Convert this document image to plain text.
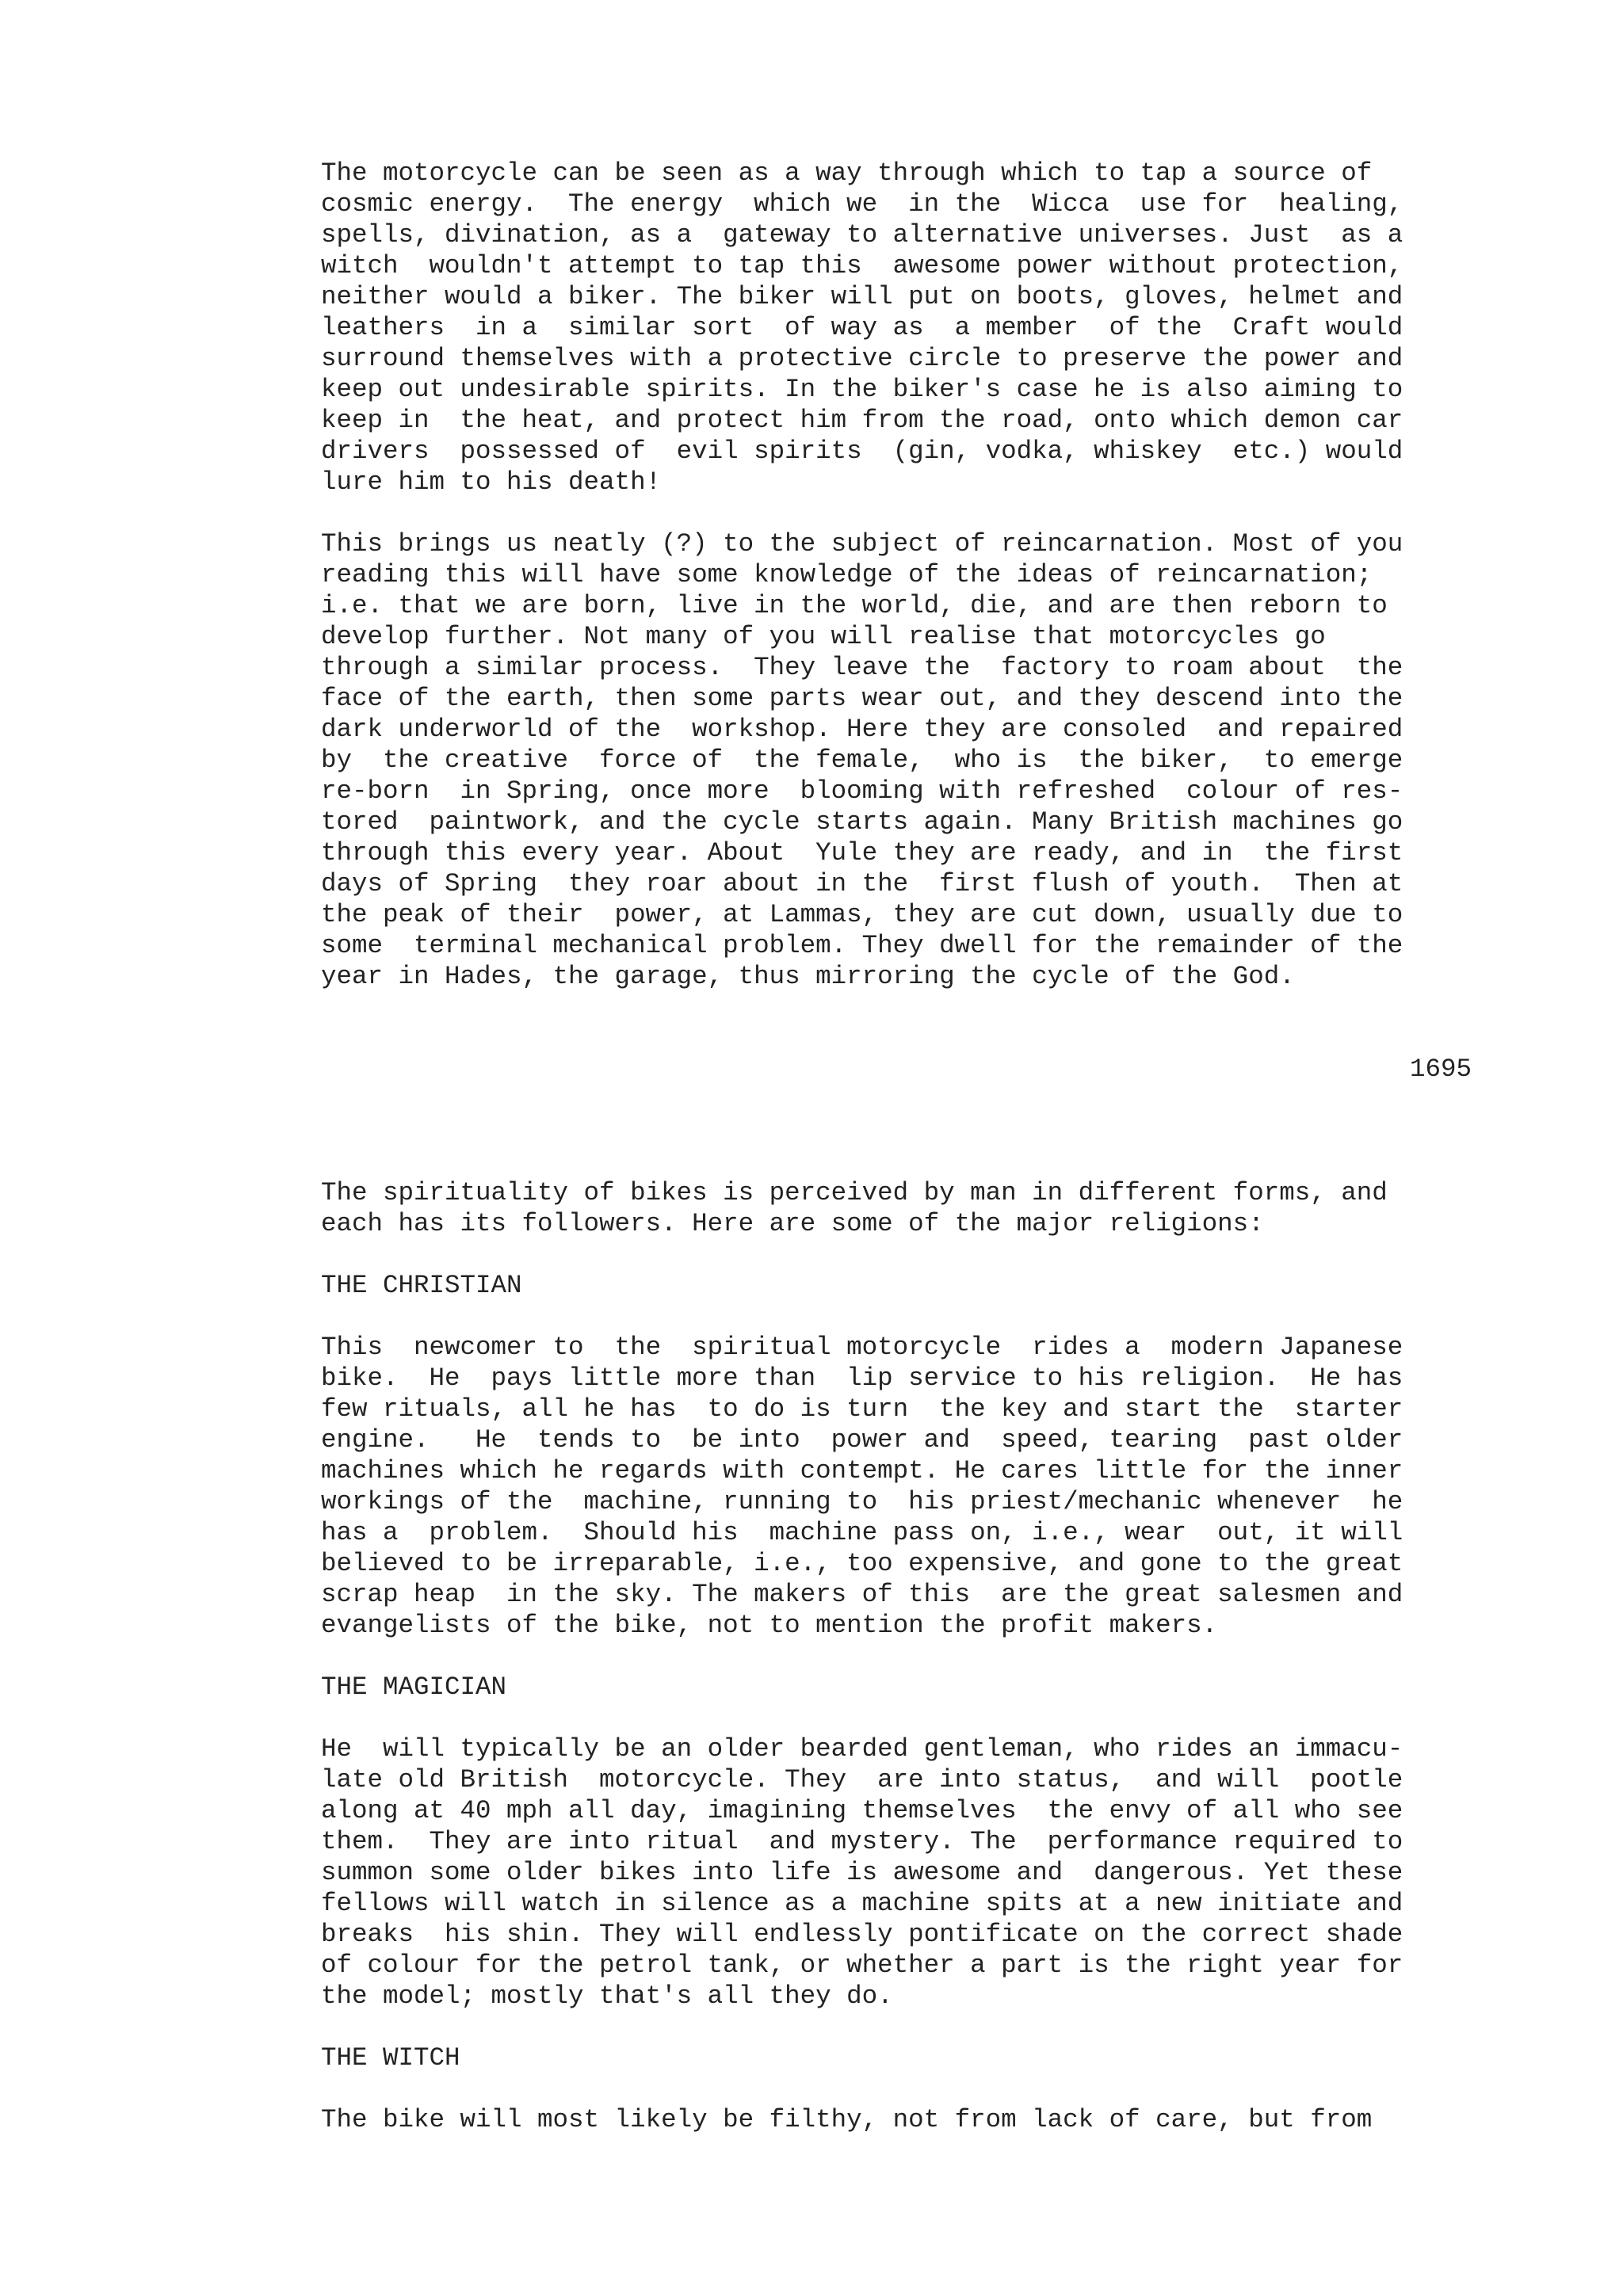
The motorcycle can be seen as a way through which to tap a source of
cosmic energy.  The energy  which we  in the  Wicca  use for  healing,
spells, divination, as a  gateway to alternative universes. Just  as a
witch  wouldn't attempt to tap this  awesome power without protection,
neither would a biker. The biker will put on boots, gloves, helmet and
leathers  in a  similar sort  of way as  a member  of the  Craft would
surround themselves with a protective circle to preserve the power and
keep out undesirable spirits. In the biker's case he is also aiming to
keep in  the heat, and protect him from the road, onto which demon car
drivers  possessed of  evil spirits  (gin, vodka, whiskey  etc.) would
lure him to his death!
This brings us neatly (?) to the subject of reincarnation. Most of you
reading this will have some knowledge of the ideas of reincarnation;
i.e. that we are born, live in the world, die, and are then reborn to
develop further. Not many of you will realise that motorcycles go
through a similar process.  They leave the  factory to roam about  the
face of the earth, then some parts wear out, and they descend into the
dark underworld of the  workshop. Here they are consoled  and repaired
by  the creative  force of  the female,  who is  the biker,  to emerge
re-born  in Spring, once more  blooming with refreshed  colour of res-
tored  paintwork, and the cycle starts again. Many British machines go
through this every year. About  Yule they are ready, and in  the first
days of Spring  they roar about in the  first flush of youth.  Then at
the peak of their  power, at Lammas, they are cut down, usually due to
some  terminal mechanical problem. They dwell for the remainder of the
year in Hades, the garage, thus mirroring the cycle of the God.
1695
The spirituality of bikes is perceived by man in different forms, and
each has its followers. Here are some of the major religions:
THE CHRISTIAN
This  newcomer to  the  spiritual motorcycle  rides a  modern Japanese
bike.  He  pays little more than  lip service to his religion.  He has
few rituals, all he has  to do is turn  the key and start the  starter
engine.   He  tends to  be into  power and  speed, tearing  past older
machines which he regards with contempt. He cares little for the inner
workings of the  machine, running to  his priest/mechanic whenever  he
has a  problem.  Should his  machine pass on, i.e., wear  out, it will
believed to be irreparable, i.e., too expensive, and gone to the great
scrap heap  in the sky. The makers of this  are the great salesmen and
evangelists of the bike, not to mention the profit makers.
THE MAGICIAN
He  will typically be an older bearded gentleman, who rides an immacu-
late old British  motorcycle. They  are into status,  and will  pootle
along at 40 mph all day, imagining themselves  the envy of all who see
them.  They are into ritual  and mystery. The  performance required to
summon some older bikes into life is awesome and  dangerous. Yet these
fellows will watch in silence as a machine spits at a new initiate and
breaks  his shin. They will endlessly pontificate on the correct shade
of colour for the petrol tank, or whether a part is the right year for
the model; mostly that's all they do.
THE WITCH
The bike will most likely be filthy, not from lack of care, but from
